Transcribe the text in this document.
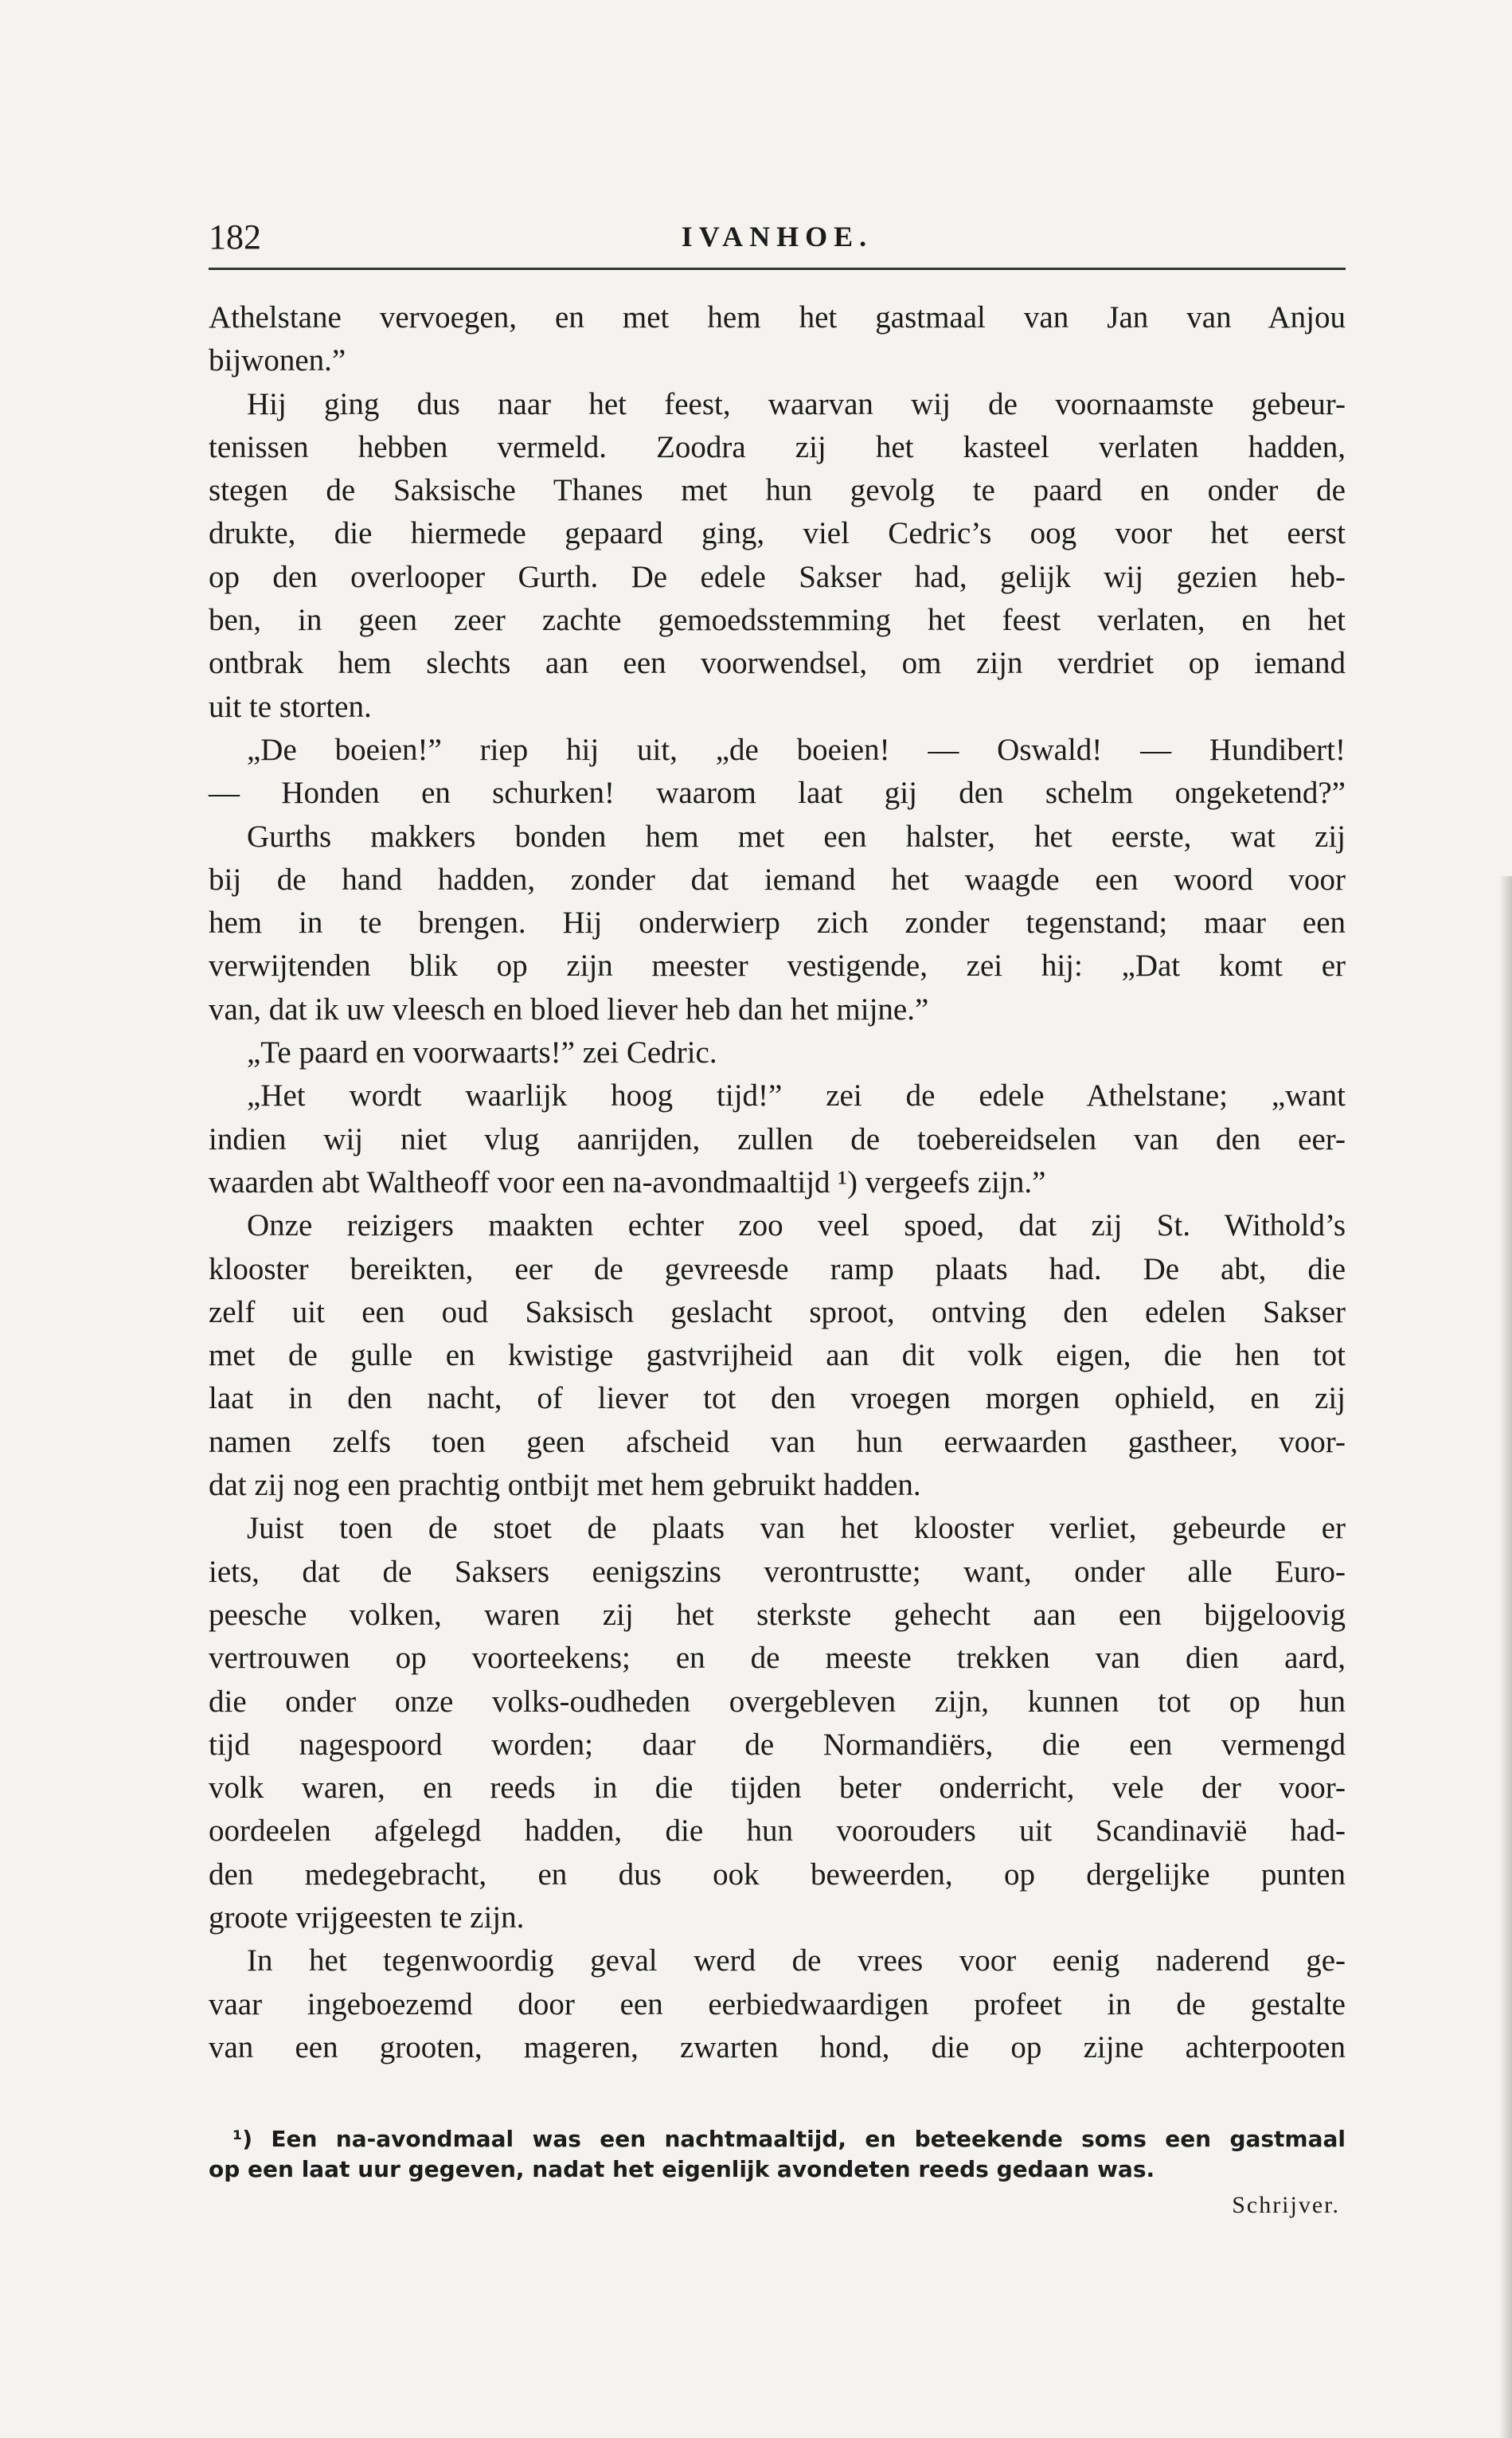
182	IVANHOE.
Athelstane vervoegen, en met hem het gastmaal van Jan van Anjou
bijwonen.”
Hij ging dus naar het feest, waarvan wij de voornaamste gebeur-
tenissen hebben vermeld. Zoodra zij het kasteel verlaten hadden,
stegen de Saksische Thanes met hun gevolg te paard en onder de
drukte, die hiermede gepaard ging, viel Cedric’s oog voor het eerst
op den overlooper Gurth. De edele Sakser had, gelijk wij gezien heb-
ben, in geen zeer zachte gemoedsstemming het feest verlaten, en het
ontbrak hem slechts aan een voorwendsel, om zijn verdriet op iemand
uit te storten.
„De boeien!” riep hij uit, „de boeien! — Oswald! — Hundibert!
— Honden en schurken! waarom laat gij den schelm ongeketend?”
Gurths makkers bonden hem met een halster, het eerste, wat zij
bij de hand hadden, zonder dat iemand het waagde een woord voor
hem in te brengen. Hij onderwierp zich zonder tegenstand; maar een
verwijtenden blik op zijn meester vestigende, zei hij: „Dat komt er
van, dat ik uw vleesch en bloed liever heb dan het mijne.”
„Te paard en voorwaarts!” zei Cedric.
„Het wordt waarlijk hoog tijd!” zei de edele Athelstane; „want
indien wij niet vlug aanrijden, zullen de toebereidselen van den eer-
waarden abt Waltheoff voor een na-avondmaaltijd ¹) vergeefs zijn.”
Onze reizigers maakten echter zoo veel spoed, dat zij St. Withold’s
klooster bereikten, eer de gevreesde ramp plaats had. De abt, die
zelf uit een oud Saksisch geslacht sproot, ontving den edelen Sakser
met de gulle en kwistige gastvrijheid aan dit volk eigen, die hen tot
laat in den nacht, of liever tot den vroegen morgen ophield, en zij
namen zelfs toen geen afscheid van hun eerwaarden gastheer, voor-
dat zij nog een prachtig ontbijt met hem gebruikt hadden.
Juist toen de stoet de plaats van het klooster verliet, gebeurde er
iets, dat de Saksers eenigszins verontrustte; want, onder alle Euro-
peesche volken, waren zij het sterkste gehecht aan een bijgeloovig
vertrouwen op voorteekens; en de meeste trekken van dien aard,
die onder onze volks-oudheden overgebleven zijn, kunnen tot op hun
tijd nagespoord worden; daar de Normandiërs, die een vermengd
volk waren, en reeds in die tijden beter onderricht, vele der voor-
oordeelen afgelegd hadden, die hun voorouders uit Scandinavië had-
den medegebracht, en dus ook beweerden, op dergelijke punten
groote vrijgeesten te zijn.
In het tegenwoordig geval werd de vrees voor eenig naderend ge-
vaar ingeboezemd door een eerbiedwaardigen profeet in de gestalte
van een grooten, mageren, zwarten hond, die op zijne achterpooten
¹) Een na-avondmaal was een nachtmaaltijd, en beteekende soms een gastmaal
op een laat uur gegeven, nadat het eigenlijk avondeten reeds gedaan was.
Schrijver.
